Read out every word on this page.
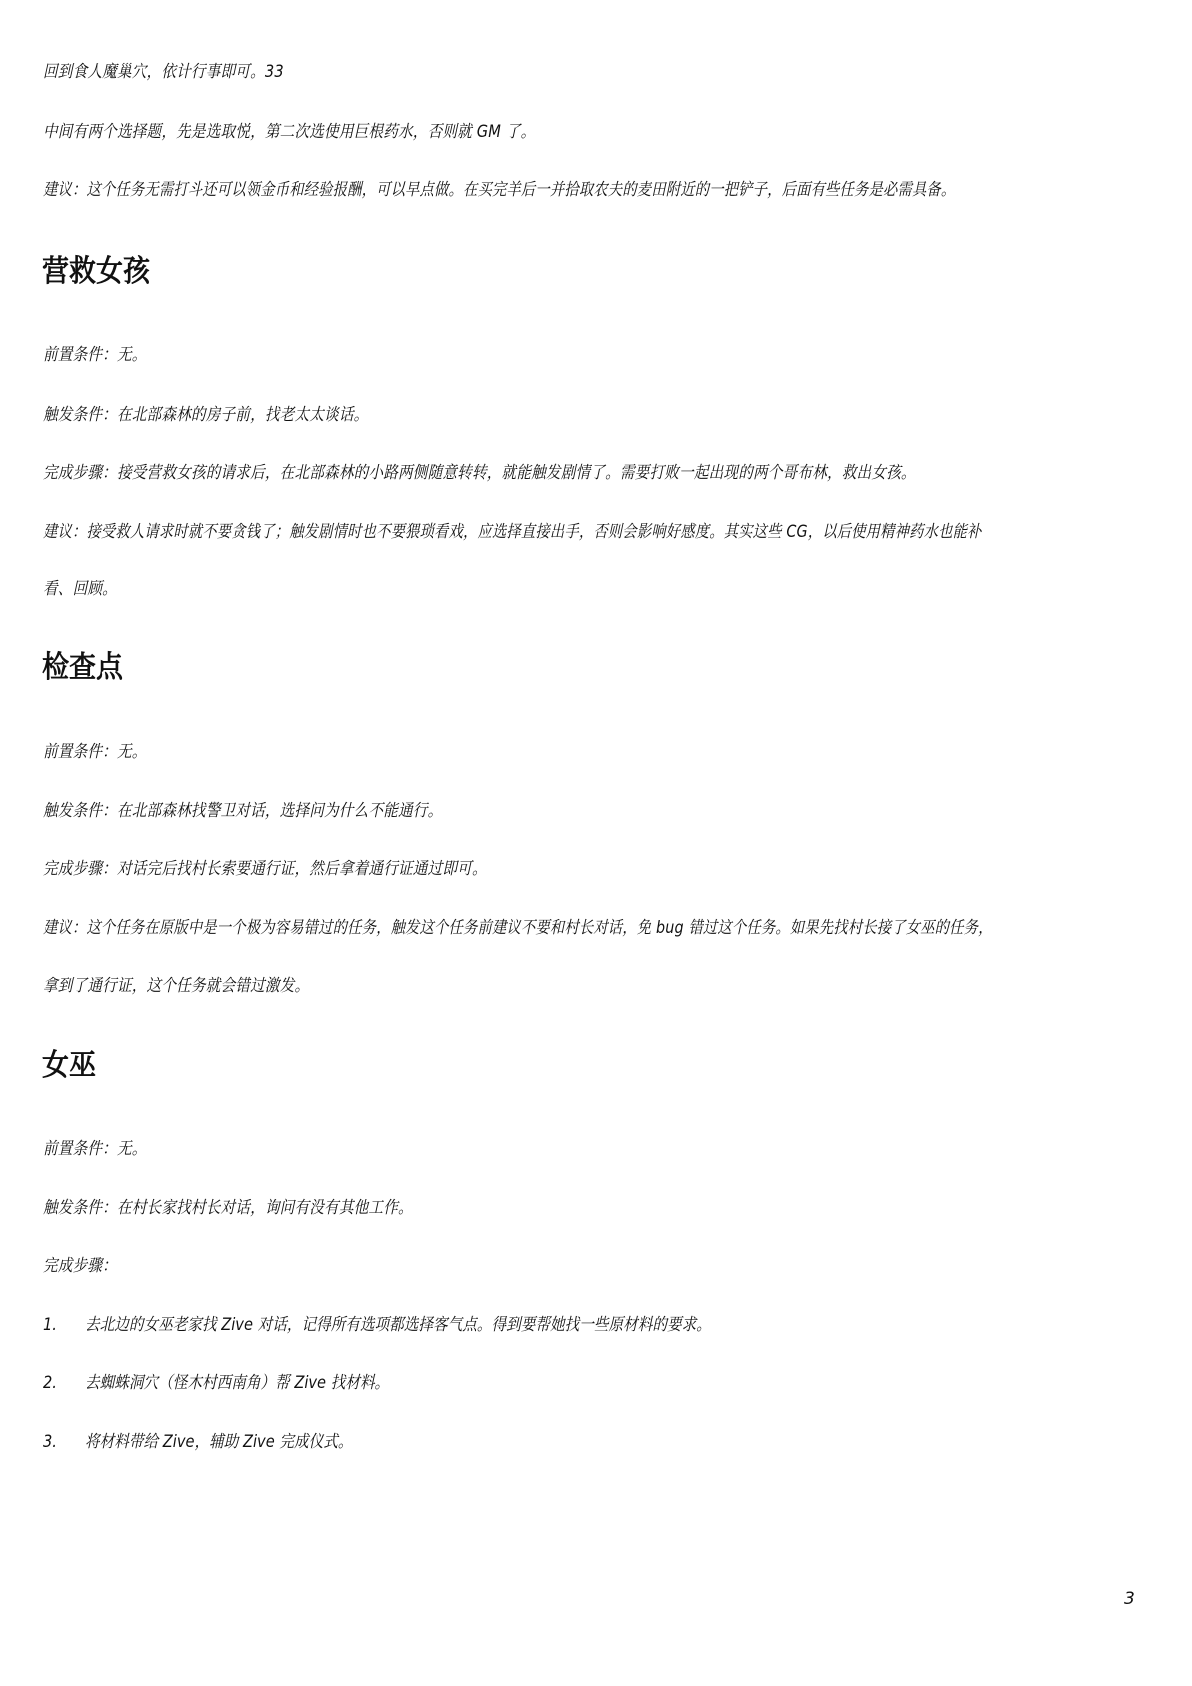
回到食人魔巢穴，依计行事即可。33
中间有两个选择题，先是选取悦，第二次选使用巨根药水，否则就 GM 了。
建议：这个任务无需打斗还可以领金币和经验报酬，可以早点做。在买完羊后一并拾取农夫的麦田附近的一把铲子，后面有些任务是必需具备。
营救女孩
前置条件：无。
触发条件：在北部森林的房子前，找老太太谈话。
完成步骤：接受营救女孩的请求后，在北部森林的小路两侧随意转转，就能触发剧情了。需要打败一起出现的两个哥布林，救出女孩。
建议：接受救人请求时就不要贪钱了；触发剧情时也不要猥琐看戏，应选择直接出手，否则会影响好感度。其实这些 CG，以后使用精神药水也能补
看、回顾。
检查点
前置条件：无。
触发条件：在北部森林找警卫对话，选择问为什么不能通行。
完成步骤：对话完后找村长索要通行证，然后拿着通行证通过即可。
建议：这个任务在原版中是一个极为容易错过的任务，触发这个任务前建议不要和村长对话，免 bug 错过这个任务。如果先找村长接了女巫的任务，
拿到了通行证，这个任务就会错过激发。
女巫
前置条件：无。
触发条件：在村长家找村长对话，询问有没有其他工作。
完成步骤：
1. 去北边的女巫老家找 Zive 对话，记得所有选项都选择客气点。得到要帮她找一些原材料的要求。
2. 去蜘蛛洞穴（怪木村西南角）帮 Zive 找材料。
3. 将材料带给 Zive，辅助 Zive 完成仪式。
3
